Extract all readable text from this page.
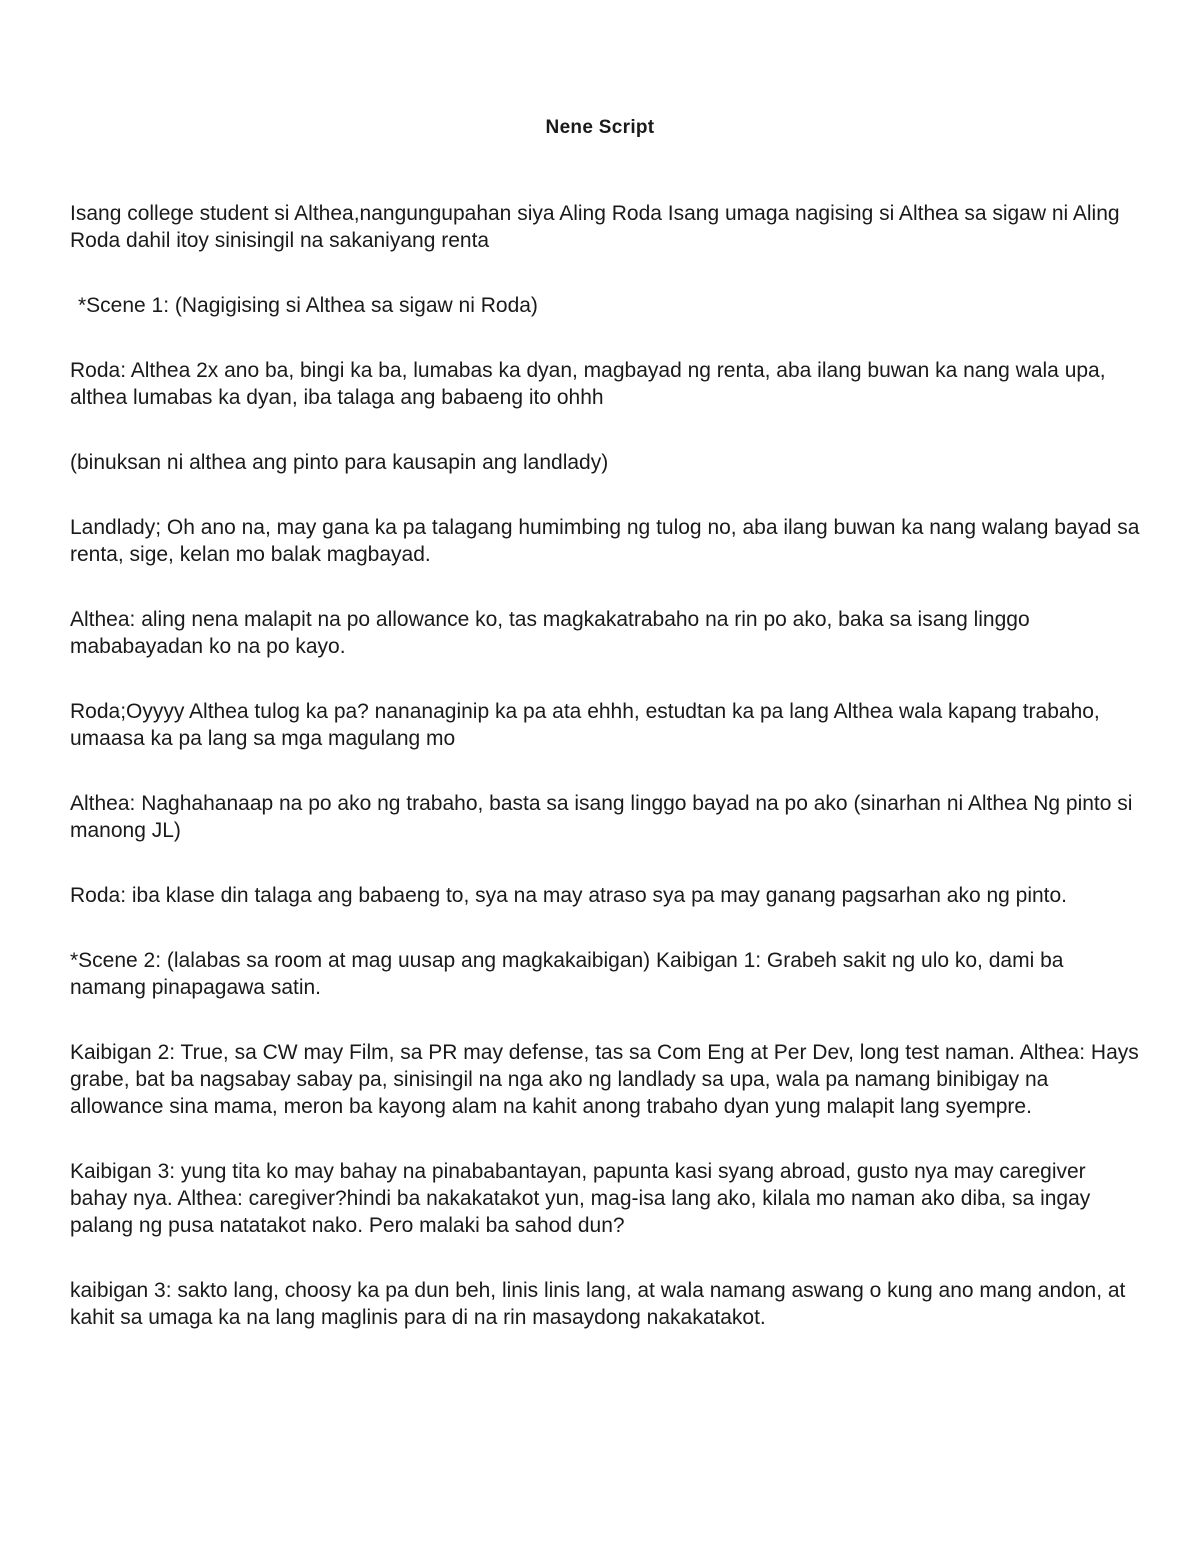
Nene Script

Isang college student si Althea,nangungupahan siya Aling Roda Isang umaga nagising si Althea sa sigaw ni Aling Roda dahil itoy sinisingil na sakaniyang renta

*Scene 1: (Nagigising si Althea sa sigaw ni Roda)

Roda: Althea 2x ano ba, bingi ka ba, lumabas ka dyan, magbayad ng renta, aba ilang buwan ka nang wala upa, althea lumabas ka dyan, iba talaga ang babaeng ito ohhh

(binuksan ni althea ang pinto para kausapin ang landlady)

Landlady; Oh ano na, may gana ka pa talagang humimbing ng tulog no, aba ilang buwan ka nang walang bayad sa renta, sige, kelan mo balak magbayad.

Althea: aling nena malapit na po allowance ko, tas magkakatrabaho na rin po ako, baka sa isang linggo mababayadan ko na po kayo.

Roda;Oyyyy Althea tulog ka pa? nananaginip ka pa ata ehhh, estudtan ka pa lang Althea wala kapang trabaho, umaasa ka pa lang sa mga magulang mo

Althea: Naghahanaap na po ako ng trabaho, basta sa isang linggo bayad na po ako (sinarhan ni Althea Ng pinto si manong JL)

Roda: iba klase din talaga ang babaeng to, sya na may atraso sya pa may ganang pagsarhan ako ng pinto.

*Scene 2: (lalabas sa room at mag uusap ang magkakaibigan) Kaibigan 1: Grabeh sakit ng ulo ko, dami ba namang pinapagawa satin.

Kaibigan 2: True, sa CW may Film, sa PR may defense, tas sa Com Eng at Per Dev, long test naman. Althea: Hays grabe, bat ba nagsabay sabay pa, sinisingil na nga ako ng landlady sa upa, wala pa namang binibigay na allowance sina mama, meron ba kayong alam na kahit anong trabaho dyan yung malapit lang syempre.

Kaibigan 3: yung tita ko may bahay na pinababantayan, papunta kasi syang abroad, gusto nya may caregiver bahay nya. Althea: caregiver?hindi ba nakakatakot yun, mag-isa lang ako, kilala mo naman ako diba, sa ingay palang ng pusa natatakot nako. Pero malaki ba sahod dun?

kaibigan 3: sakto lang, choosy ka pa dun beh, linis linis lang, at wala namang aswang o kung ano mang andon, at kahit sa umaga ka na lang maglinis para di na rin masaydong nakakatakot.
